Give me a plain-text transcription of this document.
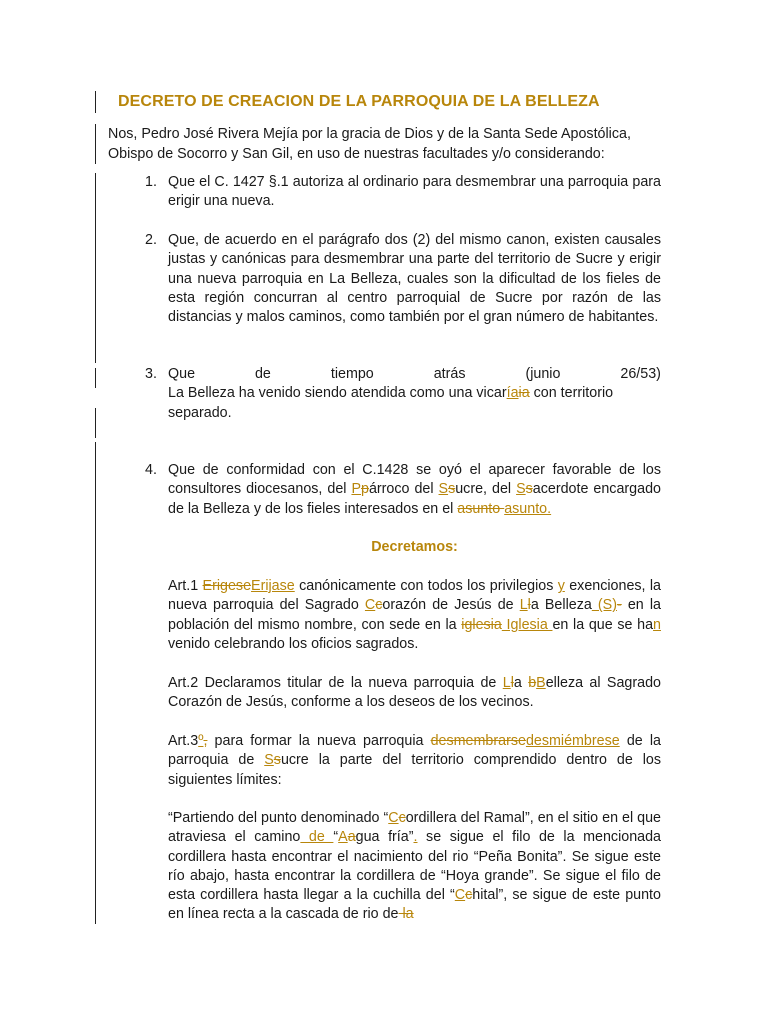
DECRETO DE CREACION DE LA PARROQUIA DE LA BELLEZA
Nos, Pedro José Rivera Mejía por la gracia de Dios y de la Santa Sede Apostólica,
Obispo de Socorro y San Gil, en uso de nuestras facultades y/o considerando:
1. Que el C. 1427 §.1 autoriza al ordinario para desmembrar una parroquia para erigir una nueva.
2. Que, de acuerdo en el parágrafo dos (2) del mismo canon, existen causales justas y canónicas para desmembrar una parte del territorio de Sucre y erigir una nueva parroquia en La Belleza, cuales son la dificultad de los fieles de esta región concurran al centro parroquial de Sucre por razón de las distancias y malos caminos, como también por el gran número de habitantes.
3. Que	de	tiempo	atrás	(junio	26/53)
La Belleza ha venido siendo atendida como una vicaríaia con territorio
separado.
4. Que de conformidad con el C.1428 se oyó el aparecer favorable de los consultores diocesanos, del Ppárroco del Ssucre, del Ssacerdote encargado de la Belleza y de los fieles interesados en el asunto asunto.
Decretamos:
Art.1 ErigeseErijase canónicamente con todos los privilegios y exenciones, la nueva parroquia del Sagrado Ccorazón de Jesús de Lla Belleza (S)- en la población del mismo nombre, con sede en la iglesia Iglesia en la que se han venido celebrando los oficios sagrados.
Art.2 Declaramos titular de la nueva parroquia de Lla bBelleza al Sagrado Corazón de Jesús, conforme a los deseos de los vecinos.
Art.3º, para formar la nueva parroquia desmembrarsedesmiémbrese de la parroquia de Ssucre la parte del territorio comprendido dentro de los siguientes límites:
“Partiendo del punto denominado “Ccordillera del Ramal”, en el sitio en el que atraviesa el camino de “Aagua fría”. se sigue el filo de la mencionada cordillera hasta encontrar el nacimiento del rio “Peña Bonita”. Se sigue este río abajo, hasta encontrar la cordillera de “Hoya grande”. Se sigue el filo de esta cordillera hasta llegar a la cuchilla del “Cchital”, se sigue de este punto en línea recta a la cascada de rio de la
